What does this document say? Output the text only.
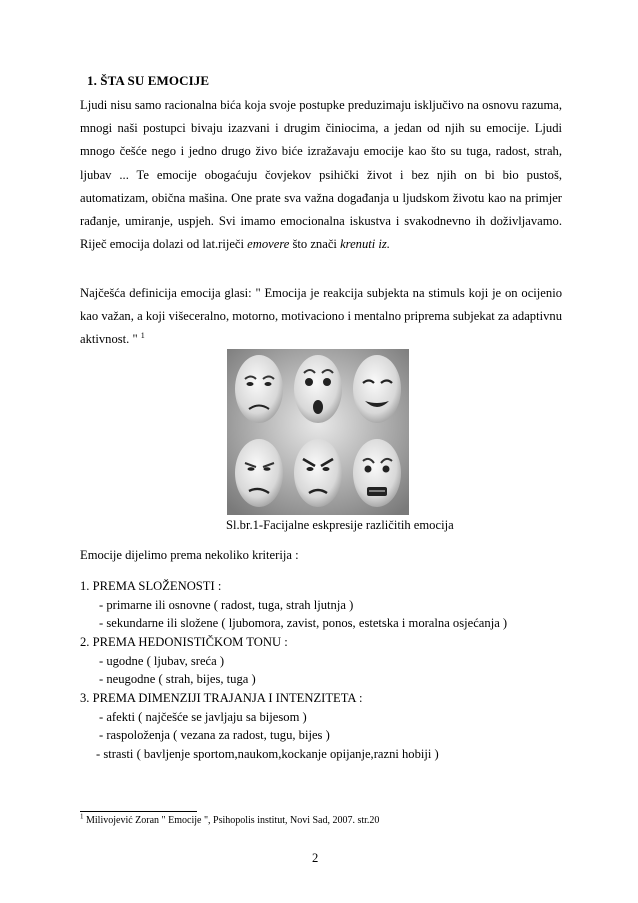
1. ŠTA SU EMOCIJE

Ljudi nisu samo racionalna bića koja svoje postupke preduzimaju isključivo na osnovu razuma, mnogi naši postupci bivaju izazvani i drugim činiocima, a jedan od njih su emocije. Ljudi mnogo češće nego i jedno drugo živo biće izražavaju emocije kao što su tuga, radost, strah, ljubav ... Te emocije obogaćuju čovjekov psihički život i bez njih on bi bio pustoš, automatizam, obična mašina. One prate sva važna događanja u ljudskom životu kao na primjer rađanje, umiranje, uspjeh. Svi imamo emocionalna iskustva i svakodnevno ih doživljavamo. Riječ emocija dolazi od lat.riječi emovere što znači krenuti iz.

Najčešća definicija emocija glasi: " Emocija je reakcija subjekta na stimuls koji je on ocijenio kao važan, a koji višeceralno, motorno, motivaciono i mentalno priprema subjekat za adaptivnu aktivnost. " $^1$

Sl.br.1-Facijalne eskpresije različitih emocija
Emocije dijelimo prema nekoliko kriterija :
1. PREMA SLOŽENOSTI :
- primarne ili osnovne ( radost, tuga, strah ljutnja )
- sekundarne ili složene ( ljubomora, zavist, ponos, estetska i moralna osjećanja )
2. PREMA HEDONISTIČKOM TONU :
- ugodne ( ljubav, sreća )
- neugodne ( strah, bijes, tuga )
3. PREMA DIMENZIJI TRAJANJA I INTENZITETA :
- afekti ( najčešće se javljaju sa bijesom )
- raspoloženja ( vezana za radost, tugu, bijes )
- strasti ( bavljenje sportom,naukom,kockanje opijanje,razni hobiji )
$^1$ Milivojević Zoran " Emocije ", Psihopolis institut, Novi Sad, 2007. str.20
2
